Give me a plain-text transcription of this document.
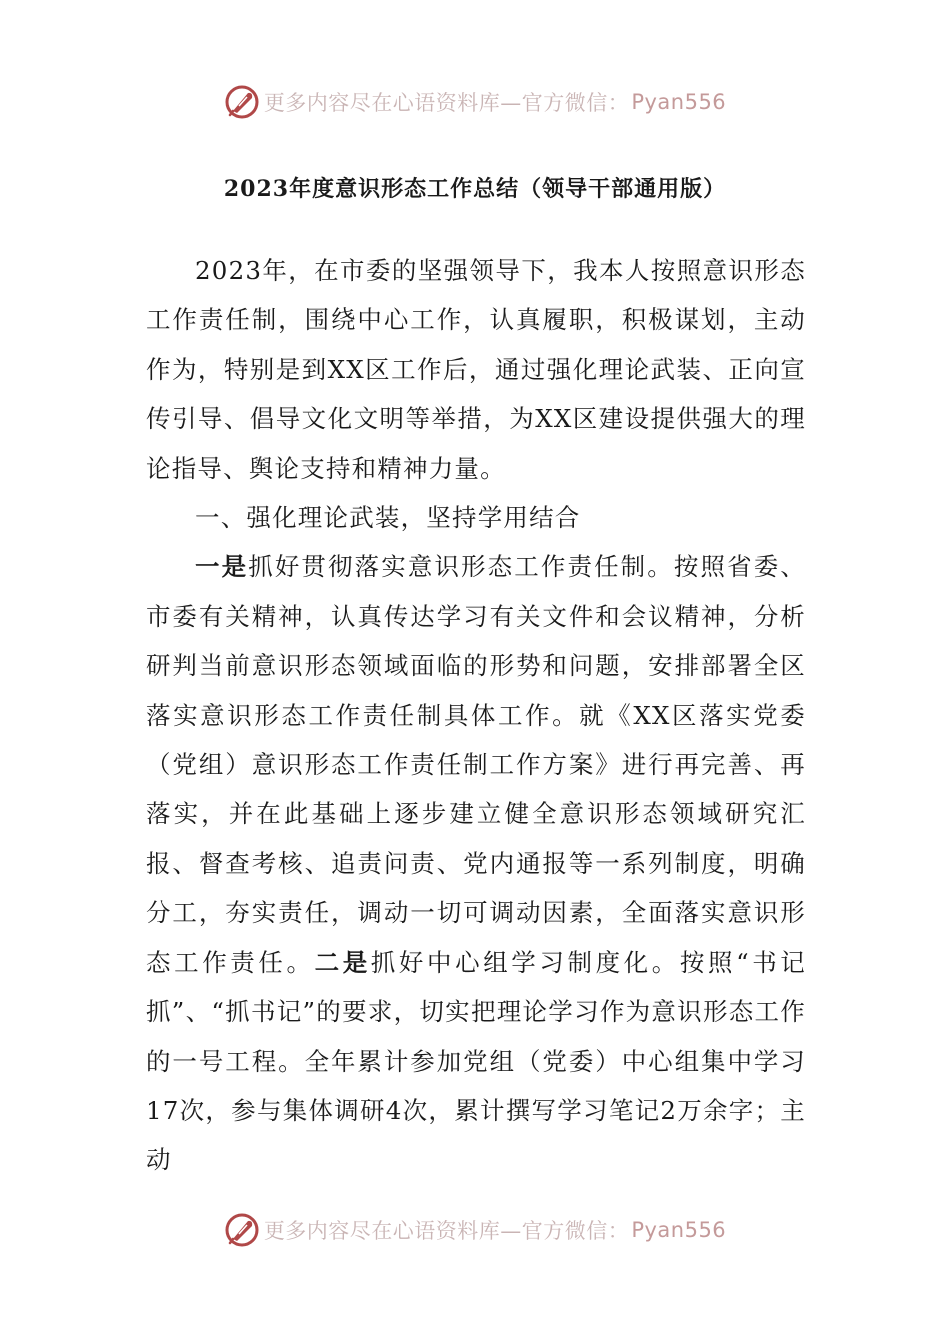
更多内容尽在心语资料库—官方微信： Pyan556
2023年度意识形态工作总结（领导干部通用版）

2023年，在市委的坚强领导下，我本人按照意识形态工作责任制，围绕中心工作，认真履职，积极谋划，主动作为，特别是到XX区工作后，通过强化理论武装、正向宣传引导、倡导文化文明等举措，为XX区建设提供强大的理论指导、舆论支持和精神力量。

一、强化理论武装，坚持学用结合

一是抓好贯彻落实意识形态工作责任制。按照省委、市委有关精神，认真传达学习有关文件和会议精神，分析研判当前意识形态领域面临的形势和问题，安排部署全区落实意识形态工作责任制具体工作。就《XX区落实党委（党组）意识形态工作责任制工作方案》进行再完善、再落实，并在此基础上逐步建立健全意识形态领域研究汇报、督查考核、追责问责、党内通报等一系列制度，明确分工，夯实责任，调动一切可调动因素，全面落实意识形态工作责任。二是抓好中心组学习制度化。按照“书记抓”、“抓书记”的要求，切实把理论学习作为意识形态工作的一号工程。全年累计参加党组（党委）中心组集中学习17次，参与集体调研4次，累计撰写学习笔记2万余字；主动

更多内容尽在心语资料库—官方微信： Pyan556
